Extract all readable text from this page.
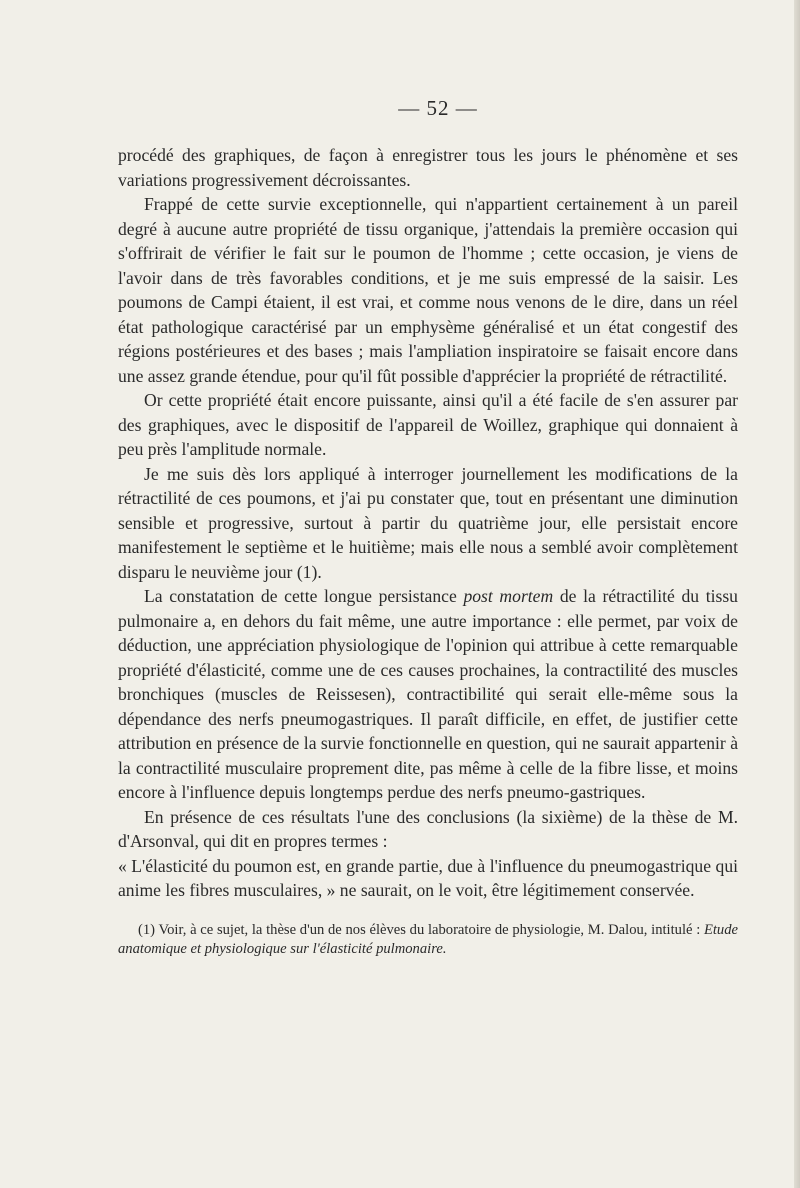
— 52 —

procédé des graphiques, de façon à enregistrer tous les jours le phénomène et ses variations progressivement décroissantes.

Frappé de cette survie exceptionnelle, qui n'appartient certainement à un pareil degré à aucune autre propriété de tissu organique, j'attendais la première occasion qui s'offrirait de vérifier le fait sur le poumon de l'homme ; cette occasion, je viens de l'avoir dans de très favorables conditions, et je me suis empressé de la saisir. Les poumons de Campi étaient, il est vrai, et comme nous venons de le dire, dans un réel état pathologique caractérisé par un emphysème généralisé et un état congestif des régions postérieures et des bases ; mais l'ampliation inspiratoire se faisait encore dans une assez grande étendue, pour qu'il fût possible d'apprécier la propriété de rétractilité.

Or cette propriété était encore puissante, ainsi qu'il a été facile de s'en assurer par des graphiques, avec le dispositif de l'appareil de Woillez, graphique qui donnaient à peu près l'amplitude normale.

Je me suis dès lors appliqué à interroger journellement les modifications de la rétractilité de ces poumons, et j'ai pu constater que, tout en présentant une diminution sensible et progressive, surtout à partir du quatrième jour, elle persistait encore manifestement le septième et le huitième; mais elle nous a semblé avoir complètement disparu le neuvième jour (1).

La constatation de cette longue persistance post mortem de la rétractilité du tissu pulmonaire a, en dehors du fait même, une autre importance : elle permet, par voix de déduction, une appréciation physiologique de l'opinion qui attribue à cette remarquable propriété d'élasticité, comme une de ces causes prochaines, la contractilité des muscles bronchiques (muscles de Reissesen), contractibilité qui serait elle-même sous la dépendance des nerfs pneumogastriques. Il paraît difficile, en effet, de justifier cette attribution en présence de la survie fonctionnelle en question, qui ne saurait appartenir à la contractilité musculaire proprement dite, pas même à celle de la fibre lisse, et moins encore à l'influence depuis longtemps perdue des nerfs pneumo-gastriques.

En présence de ces résultats l'une des conclusions (la sixième) de la thèse de M. d'Arsonval, qui dit en propres termes :

« L'élasticité du poumon est, en grande partie, due à l'influence du pneumogastrique qui anime les fibres musculaires, » ne saurait, on le voit, être légitimement conservée.

(1) Voir, à ce sujet, la thèse d'un de nos élèves du laboratoire de physiologie, M. Dalou, intitulé : Etude anatomique et physiologique sur l'élasticité pulmonaire.
